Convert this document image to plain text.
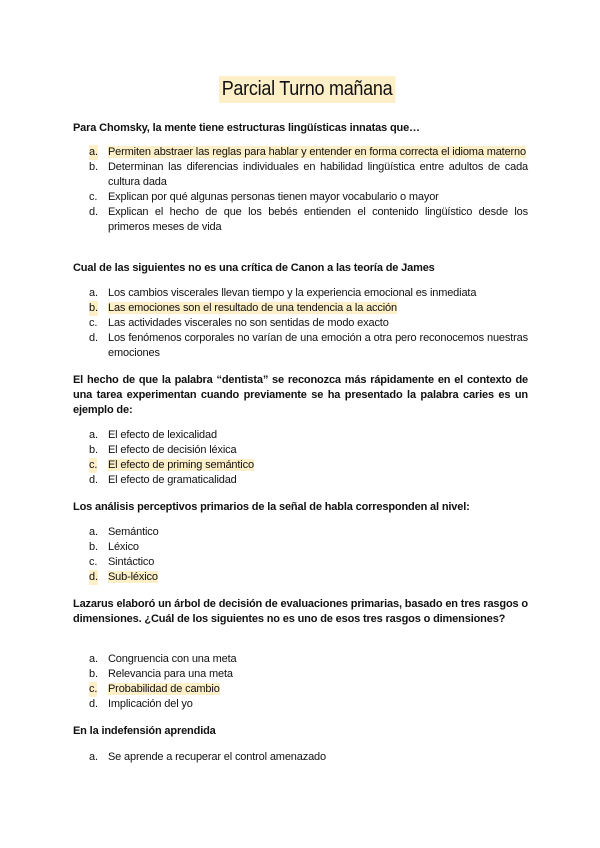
Parcial Turno mañana
Para Chomsky, la mente tiene estructuras lingüísticas innatas que…
a. Permiten abstraer las reglas para hablar y entender en forma correcta el idioma materno
b. Determinan las diferencias individuales en habilidad lingüística entre adultos de cada cultura dada
c. Explican por qué algunas personas tienen mayor vocabulario o mayor
d. Explican el hecho de que los bebés entienden el contenido lingüístico desde los primeros meses de vida
Cual de las siguientes no es una crítica de Canon a las teoría de James
a. Los cambios viscerales llevan tiempo y la experiencia emocional es inmediata
b. Las emociones son el resultado de una tendencia a la acción
c. Las actividades viscerales no son sentidas de modo exacto
d. Los fenómenos corporales no varían de una emoción a otra pero reconocemos nuestras emociones
El hecho de que la palabra “dentista” se reconozca más rápidamente en el contexto de una tarea experimentan cuando previamente se ha presentado la palabra caries es un ejemplo de:
a. El efecto de lexicalidad
b. El efecto de decisión léxica
c. El efecto de priming semántico
d. El efecto de gramaticalidad
Los análisis perceptivos primarios de la señal de habla corresponden al nivel:
a. Semántico
b. Léxico
c. Sintáctico
d. Sub-léxico
Lazarus elaboró un árbol de decisión de evaluaciones primarias, basado en tres rasgos o dimensiones. ¿Cuál de los siguientes no es uno de esos tres rasgos o dimensiones?
a. Congruencia con una meta
b. Relevancia para una meta
c. Probabilidad de cambio
d. Implicación del yo
En la indefensión aprendida
a. Se aprende a recuperar el control amenazado
